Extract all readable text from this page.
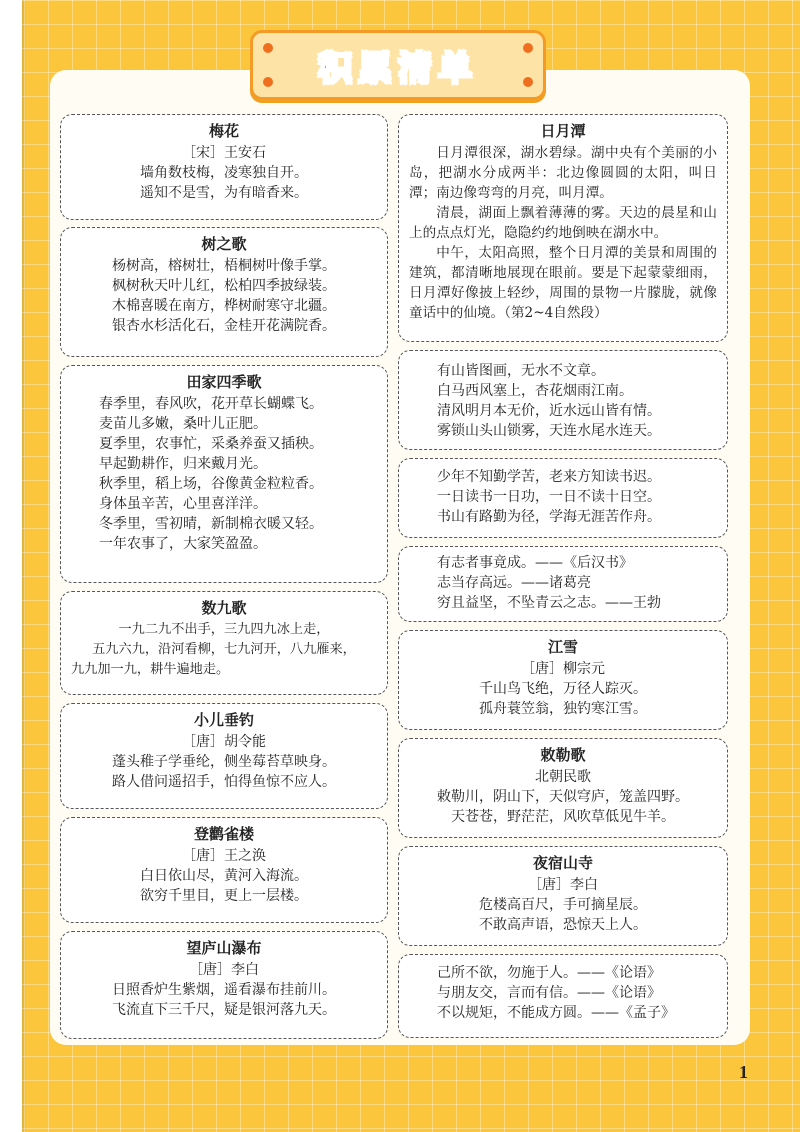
积累清单
梅花
［宋］王安石
墙角数枝梅，凌寒独自开。
遥知不是雪，为有暗香来。
树之歌
杨树高，榕树壮，梧桐树叶像手掌。
枫树秋天叶儿红，松柏四季披绿装。
木棉喜暖在南方，桦树耐寒守北疆。
银杏水杉活化石，金桂开花满院香。
田家四季歌
春季里，春风吹，花开草长蝴蝶飞。
麦苗儿多嫩，桑叶儿正肥。
夏季里，农事忙，采桑养蚕又插秧。
早起勤耕作，归来戴月光。
秋季里，稻上场，谷像黄金粒粒香。
身体虽辛苦，心里喜洋洋。
冬季里，雪初晴，新制棉衣暖又轻。
一年农事了，大家笑盈盈。
数九歌
一九二九不出手，三九四九冰上走，
五九六九，沿河看柳，七九河开，八九雁来，
九九加一九，耕牛遍地走。
小儿垂钓
［唐］胡令能
蓬头稚子学垂纶，侧坐莓苔草映身。
路人借问遥招手，怕得鱼惊不应人。
登鹳雀楼
［唐］王之涣
白日依山尽，黄河入海流。
欲穷千里目，更上一层楼。
望庐山瀑布
［唐］李白
日照香炉生紫烟，遥看瀑布挂前川。
飞流直下三千尺，疑是银河落九天。
日月潭
日月潭很深，湖水碧绿。湖中央有个美丽的小岛，把湖水分成两半：北边像圆圆的太阳，叫日潭；南边像弯弯的月亮，叫月潭。
清晨，湖面上飘着薄薄的雾。天边的晨星和山上的点点灯光，隐隐约约地倒映在湖水中。
中午，太阳高照，整个日月潭的美景和周围的建筑，都清晰地展现在眼前。要是下起蒙蒙细雨，日月潭好像披上轻纱，周围的景物一片朦胧，就像童话中的仙境。（第2~4自然段）
有山皆图画，无水不文章。
白马西风塞上，杏花烟雨江南。
清风明月本无价，近水远山皆有情。
雾锁山头山锁雾，天连水尾水连天。
少年不知勤学苦，老来方知读书迟。
一日读书一日功，一日不读十日空。
书山有路勤为径，学海无涯苦作舟。
有志者事竟成。——《后汉书》
志当存高远。——诸葛亮
穷且益坚，不坠青云之志。——王勃
江雪
［唐］柳宗元
千山鸟飞绝，万径人踪灭。
孤舟蓑笠翁，独钓寒江雪。
敕勒歌
北朝民歌
敕勒川，阴山下，天似穹庐，笼盖四野。
天苍苍，野茫茫，风吹草低见牛羊。
夜宿山寺
［唐］李白
危楼高百尺，手可摘星辰。
不敢高声语，恐惊天上人。
己所不欲，勿施于人。——《论语》
与朋友交，言而有信。——《论语》
不以规矩，不能成方圆。——《孟子》
1
